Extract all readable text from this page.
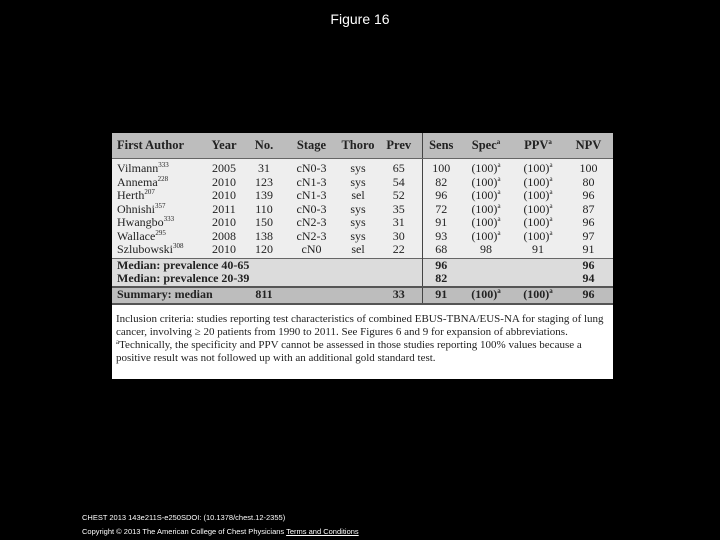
Figure 16
First Author	Year	No.	Stage	Thoro	Prev	Sens	Spec$^a$	PPV$^a$	NPV
Vilmann$^{333}$	2005	31	cN0-3	sys	65	100	$(100)^a$	$(100)^a$	100
Annema$^{228}$	2010	123	cN1-3	sys	54	82	$(100)^a$	$(100)^a$	80
Herth$^{207}$	2010	139	cN1-3	sel	52	96	$(100)^a$	$(100)^a$	96
Ohnishi$^{357}$	2011	110	cN0-3	sys	35	72	$(100)^a$	$(100)^a$	87
Hwangbo$^{333}$	2010	150	cN2-3	sys	31	91	$(100)^a$	$(100)^a$	96
Wallace$^{295}$	2008	138	cN2-3	sys	30	93	$(100)^a$	$(100)^a$	97
Szlubowski$^{308}$	2010	120	cN0	sel	22	68	98	91	91
Median: prevalence 40-65						96			96
Median: prevalence 20-39						82			94
Summary: median		811			33	91	$(100)^a$	$(100)^a$	96

Inclusion criteria: studies reporting test characteristics of combined EBUS-TBNA/EUS-NA for staging of lung cancer, involving ≥ 20 patients from 1990 to 2011. See Figures 6 and 9 for expansion of abbreviations.

$^a$Technically, the specificity and PPV cannot be assessed in those studies reporting 100% values because a positive result was not followed up with an additional gold standard test.

CHEST 2013 143e211S-e250SDOI: (10.1378/chest.12-2355)
Copyright © 2013 The American College of Chest Physicians Terms and Conditions
